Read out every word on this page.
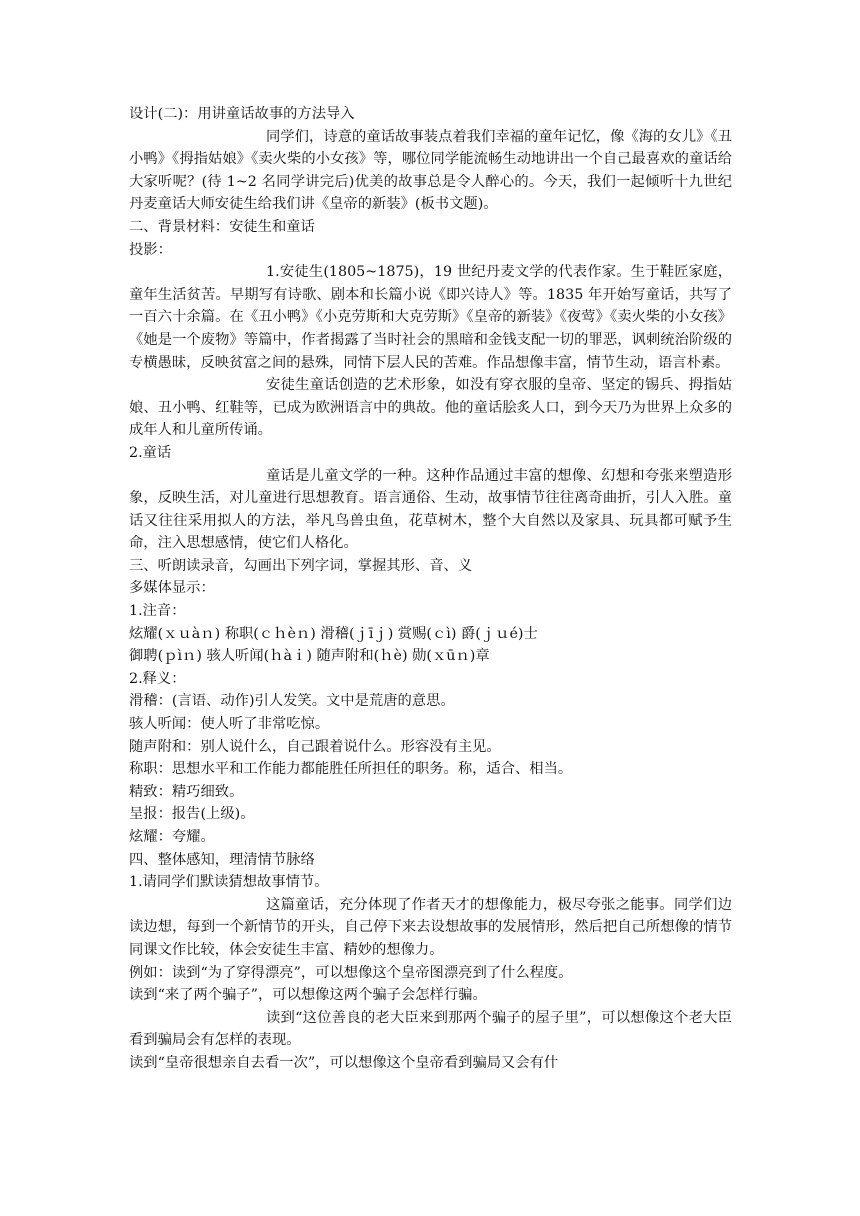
设计(二)：用讲童话故事的方法导入

同学们，诗意的童话故事装点着我们幸福的童年记忆，像《海的女儿》《丑小鸭》《拇指姑娘》《卖火柴的小女孩》等，哪位同学能流畅生动地讲出一个自己最喜欢的童话给大家听呢？(待 1~2 名同学讲完后)优美的故事总是令人醉心的。今天，我们一起倾听十九世纪丹麦童话大师安徒生给我们讲《皇帝的新装》(板书文题)。

二、背景材料：安徒生和童话

投影：

1.安徒生(1805~1875)，19 世纪丹麦文学的代表作家。生于鞋匠家庭，童年生活贫苦。早期写有诗歌、剧本和长篇小说《即兴诗人》等。1835 年开始写童话，共写了一百六十余篇。在《丑小鸭》《小克劳斯和大克劳斯》《皇帝的新装》《夜莺》《卖火柴的小女孩》《她是一个废物》等篇中，作者揭露了当时社会的黑暗和金钱支配一切的罪恶，讽刺统治阶级的专横愚昧，反映贫富之间的悬殊，同情下层人民的苦难。作品想像丰富，情节生动，语言朴素。

安徒生童话创造的艺术形象，如没有穿衣服的皇帝、坚定的锡兵、拇指姑娘、丑小鸭、红鞋等，已成为欧洲语言中的典故。他的童话脍炙人口，到今天乃为世界上众多的成年人和儿童所传诵。

2.童话

童话是儿童文学的一种。这种作品通过丰富的想像、幻想和夸张来塑造形象，反映生活，对儿童进行思想教育。语言通俗、生动，故事情节往往离奇曲折，引人入胜。童话又往往采用拟人的方法，举凡鸟兽虫鱼，花草树木，整个大自然以及家具、玩具都可赋予生命，注入思想感情，使它们人格化。

三、听朗读录音，勾画出下列字词，掌握其形、音、义

多媒体显示：

1.注音：

炫耀(ｘｕàｎ) 称职(ｃｈèｎ) 滑稽(ｊīｊ) 赏赐(ｃì) 爵(ｊｕé)士

御聘(ｐìｎ) 骇人听闻(ｈàｉ) 随声附和(ｈè) 勋(ｘūｎ)章

2.释义：

滑稽：(言语、动作)引人发笑。文中是荒唐的意思。

骇人听闻：使人听了非常吃惊。

随声附和：别人说什么，自己跟着说什么。形容没有主见。

称职：思想水平和工作能力都能胜任所担任的职务。称，适合、相当。

精致：精巧细致。

呈报：报告(上级)。

炫耀：夸耀。

四、整体感知，理清情节脉络

1.请同学们默读猜想故事情节。

这篇童话，充分体现了作者天才的想像能力，极尽夸张之能事。同学们边读边想，每到一个新情节的开头，自己停下来去设想故事的发展情形，然后把自己所想像的情节同课文作比较，体会安徒生丰富、精妙的想像力。

例如：读到“为了穿得漂亮”，可以想像这个皇帝图漂亮到了什么程度。

读到“来了两个骗子”，可以想像这两个骗子会怎样行骗。

读到“这位善良的老大臣来到那两个骗子的屋子里”，可以想像这个老大臣看到骗局会有怎样的表现。

读到“皇帝很想亲自去看一次”，可以想像这个皇帝看到骗局又会有什
